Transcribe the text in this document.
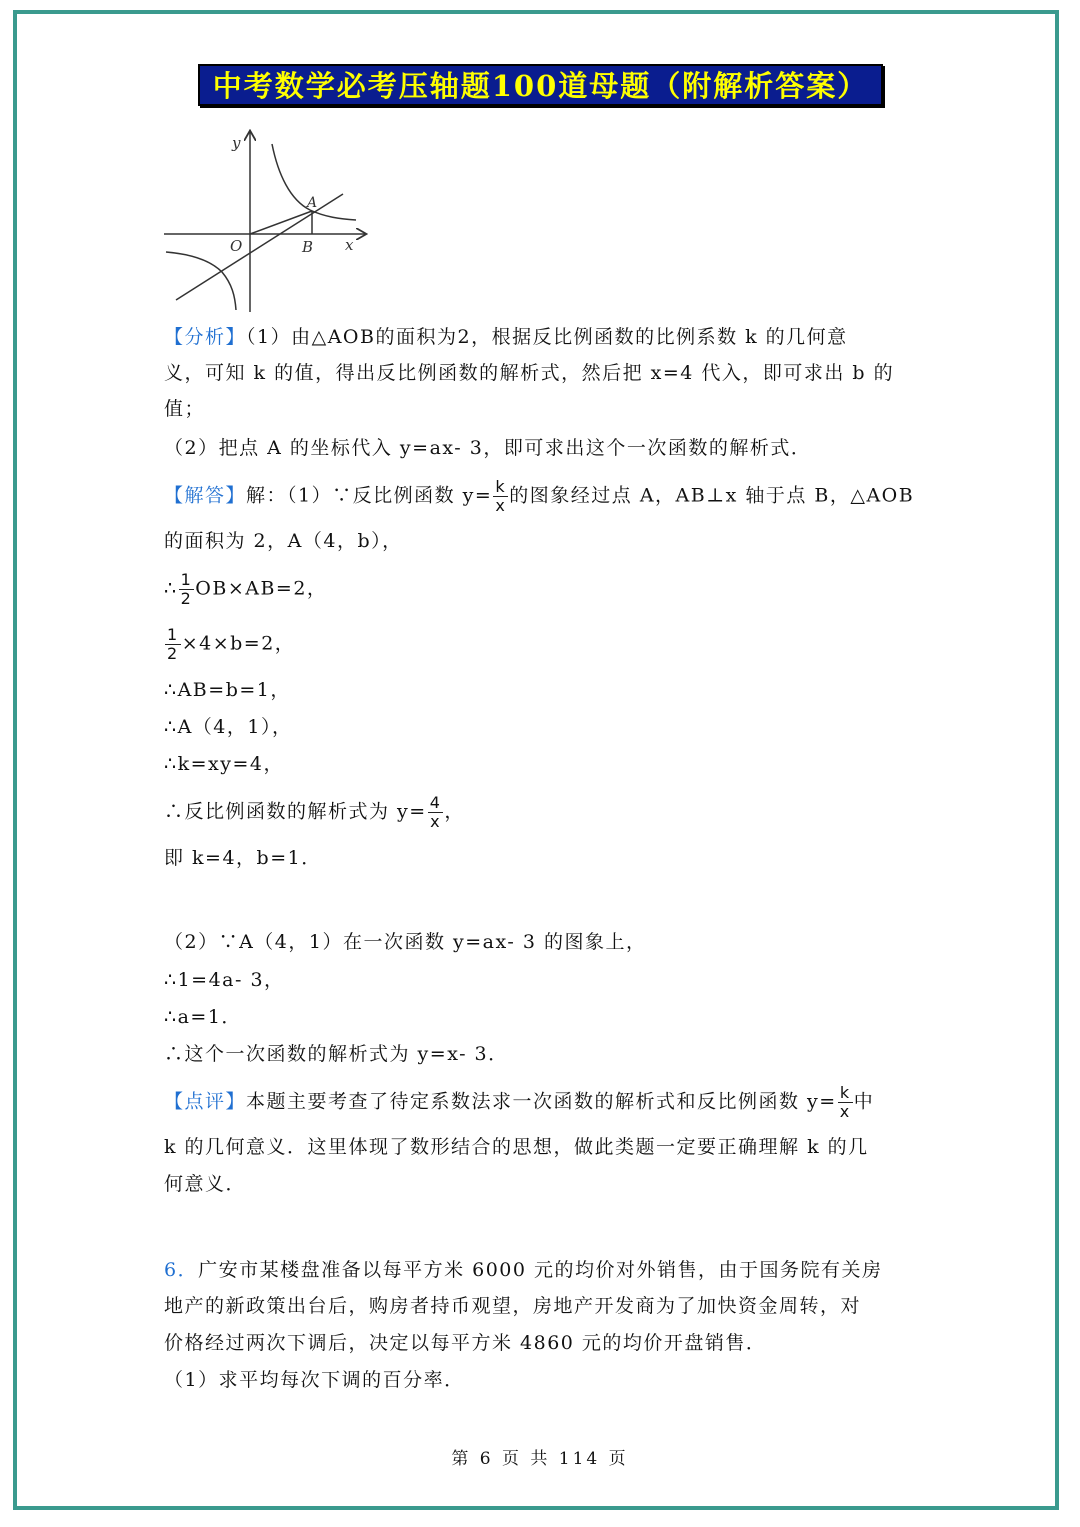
中考数学必考压轴题100道母题（附解析答案）
y
x
O
A
B
【分析】（1）由△AOB的面积为2，根据反比例函数的比例系数 k 的几何意
义，可知 k 的值，得出反比例函数的解析式，然后把 x=4 代入，即可求出 b 的
值；
（2）把点 A 的坐标代入 y=ax- 3，即可求出这个一次函数的解析式．
【解答】解：（1）∵反比例函数 $y= \frac{k}{x}$ 的图象经过点 A，AB⊥x 轴于点 B，△AOB
的面积为 2，A（4，b），
∴ $\frac{1}{2} OB\times AB=2$，
$\frac{1}{2} \times 4\times b=2$，
∴AB=b=1，
∴A（4，1），
∴k=xy=4，
∴反比例函数的解析式为 $y= \frac{4}{x}$ ，
即 k=4，b=1．
（2）∵A（4，1）在一次函数 y=ax- 3 的图象上，
∴1=4a- 3，
∴a=1．
∴这个一次函数的解析式为 y=x- 3．
【点评】本题主要考查了待定系数法求一次函数的解析式和反比例函数 $y= \frac{k}{x}$ 中
k 的几何意义．这里体现了数形结合的思想，做此类题一定要正确理解 k 的几
何意义．
6．广安市某楼盘准备以每平方米 6000 元的均价对外销售，由于国务院有关房
地产的新政策出台后，购房者持币观望，房地产开发商为了加快资金周转，对
价格经过两次下调后，决定以每平方米 4860 元的均价开盘销售．
（1）求平均每次下调的百分率．
第 6 页 共 114 页
